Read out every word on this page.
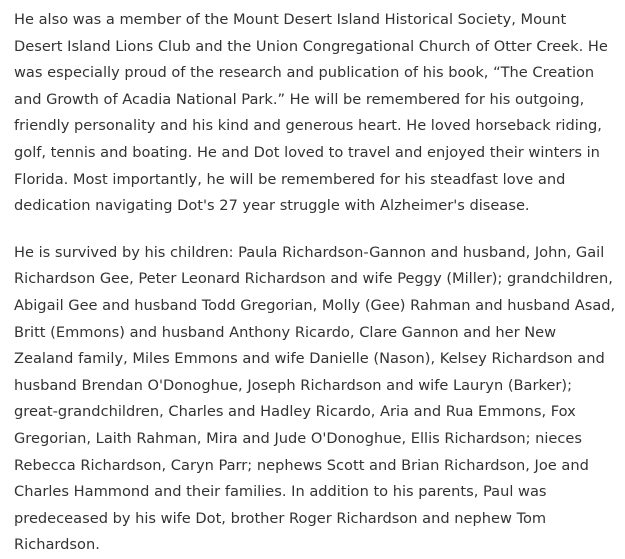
He also was a member of the Mount Desert Island Historical Society, Mount Desert Island Lions Club and the Union Congregational Church of Otter Creek. He was especially proud of the research and publication of his book, “The Creation and Growth of Acadia National Park.” He will be remembered for his outgoing, friendly personality and his kind and generous heart. He loved horseback riding, golf, tennis and boating. He and Dot loved to travel and enjoyed their winters in Florida. Most importantly, he will be remembered for his steadfast love and dedication navigating Dot's 27 year struggle with Alzheimer's disease.

He is survived by his children: Paula Richardson-Gannon and husband, John, Gail Richardson Gee, Peter Leonard Richardson and wife Peggy (Miller); grandchildren, Abigail Gee and husband Todd Gregorian, Molly (Gee) Rahman and husband Asad, Britt (Emmons) and husband Anthony Ricardo, Clare Gannon and her New Zealand family, Miles Emmons and wife Danielle (Nason), Kelsey Richardson and husband Brendan O'Donoghue, Joseph Richardson and wife Lauryn (Barker); great-grandchildren, Charles and Hadley Ricardo, Aria and Rua Emmons, Fox Gregorian, Laith Rahman, Mira and Jude O'Donoghue, Ellis Richardson; nieces Rebecca Richardson, Caryn Parr; nephews Scott and Brian Richardson, Joe and Charles Hammond and their families. In addition to his parents, Paul was predeceased by his wife Dot, brother Roger Richardson and nephew Tom Richardson.
